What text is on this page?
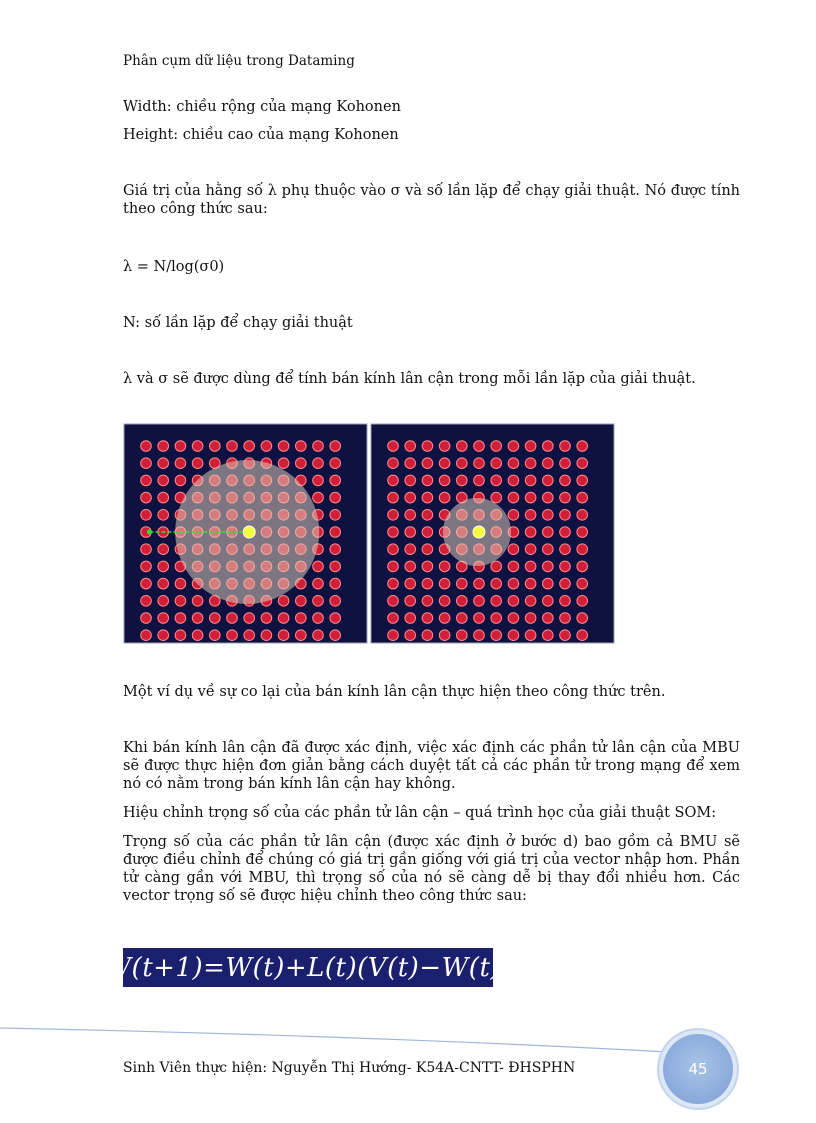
Phân cụm dữ liệu trong Dataming
Width: chiều rộng của mạng Kohonen
Height: chiều cao của mạng Kohonen
Giá trị của hằng số λ phụ thuộc vào σ và số lần lặp để chạy giải thuật. Nó được tính theo công thức sau:
λ = N/log(σ0)
N: số lần lặp để chạy giải thuật
λ và σ sẽ được dùng để tính bán kính lân cận trong mỗi lần lặp của giải thuật.
Một ví dụ về sự co lại của bán kính lân cận thực hiện theo công thức trên.
Khi bán kính lân cận đã được xác định, việc xác định các phần tử lân cận của MBU sẽ được thực hiện đơn giản bằng cách duyệt tất cả các phần tử trong mạng để xem nó có nằm trong bán kính lân cận hay không.
Hiệu chỉnh trọng số của các phần tử lân cận – quá trình học của giải thuật SOM:
Trọng số của các phần tử lân cận (được xác định ở bước d) bao gồm cả BMU sẽ được điều chỉnh để chúng có giá trị gần giống với giá trị của vector nhập hơn. Phần tử càng gần với MBU, thì trọng số của nó sẽ càng dễ bị thay đổi nhiều hơn. Các vector trọng số sẽ được hiệu chỉnh theo công thức sau:
W(t+1)=W(t)+L(t)(V(t)−W(t))
Sinh Viên thực hiện: Nguyễn Thị Hướng- K54A-CNTT- ĐHSPHN	45
